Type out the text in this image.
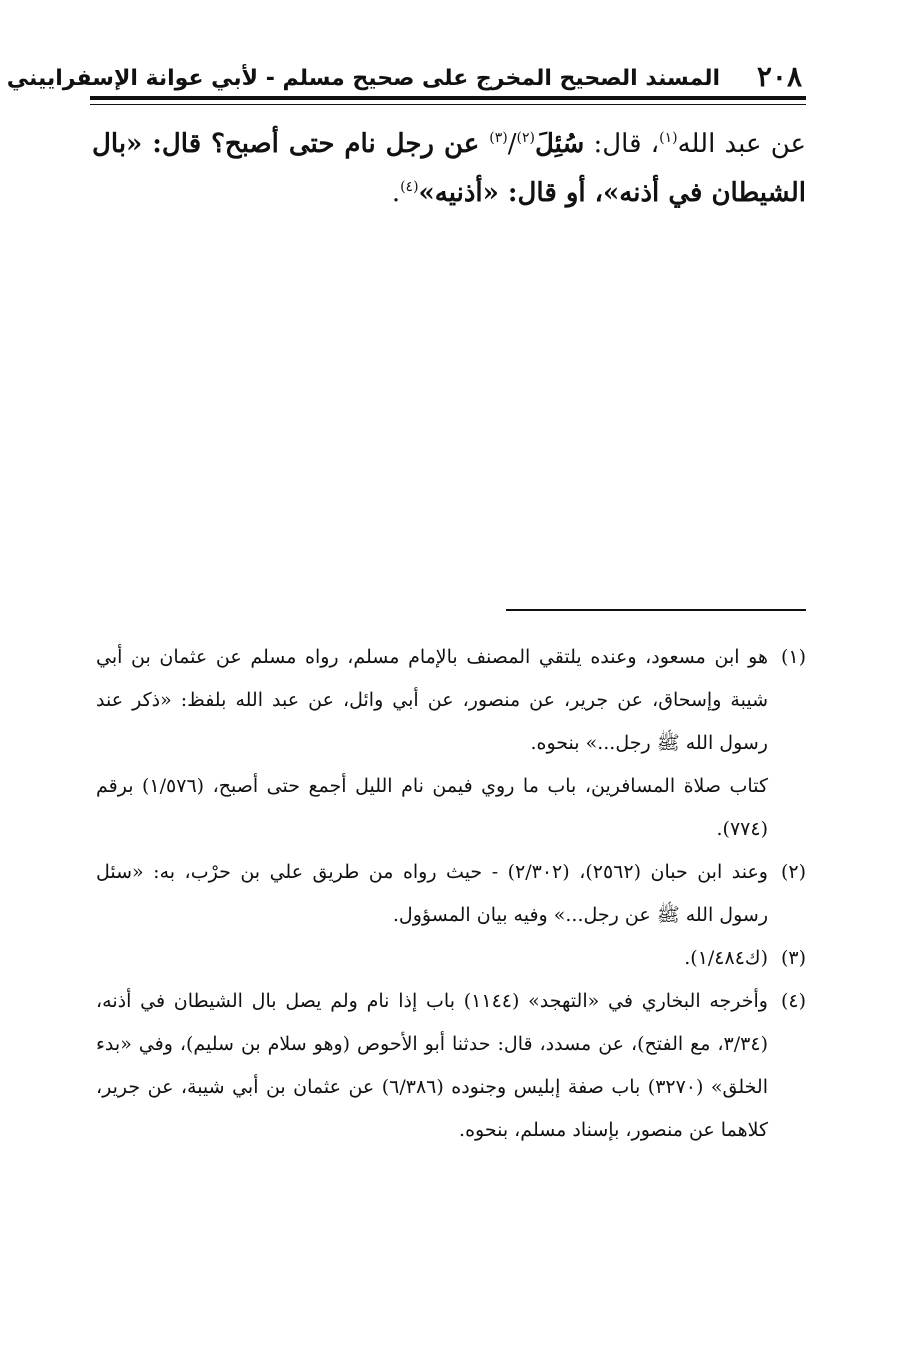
٢٠٨
المسند الصحيح المخرج على صحيح مسلم - لأبي عوانة الإسفراييني
عن عبد الله$^{(١)}$، قال: سُئِلَ$^{(٢)}$/$^{(٣)}$ عن رجل نام حتى أصبح؟ قال: «بال الشيطان في أذنه»، أو قال: «أذنيه»$^{(٤)}$.
(١)
هو ابن مسعود، وعنده يلتقي المصنف بالإمام مسلم، رواه مسلم عن عثمان بن أبي شيبة وإسحاق، عن جرير، عن منصور، عن أبي وائل، عن عبد الله بلفظ: «ذكر عند رسول الله ﷺ رجل...» بنحوه.
كتاب صلاة المسافرين، باب ما روي فيمن نام الليل أجمع حتى أصبح، (١/٥٧٦) برقم (٧٧٤).
(٢)
وعند ابن حبان (٢٥٦٢)، (٢/٣٠٢) - حيث رواه من طريق علي بن حرْب، به: «سئل رسول الله ﷺ عن رجل...» وفيه بيان المسؤول.
(٣)
(ك١/٤٨٤).
(٤)
وأخرجه البخاري في «التهجد» (١١٤٤) باب إذا نام ولم يصل بال الشيطان في أذنه، (٣/٣٤، مع الفتح)، عن مسدد، قال: حدثنا أبو الأحوص (وهو سلام بن سليم)، وفي «بدء الخلق» (٣٢٧٠) باب صفة إبليس وجنوده (٦/٣٨٦) عن عثمان بن أبي شيبة، عن جرير، كلاهما عن منصور، بإسناد مسلم، بنحوه.
